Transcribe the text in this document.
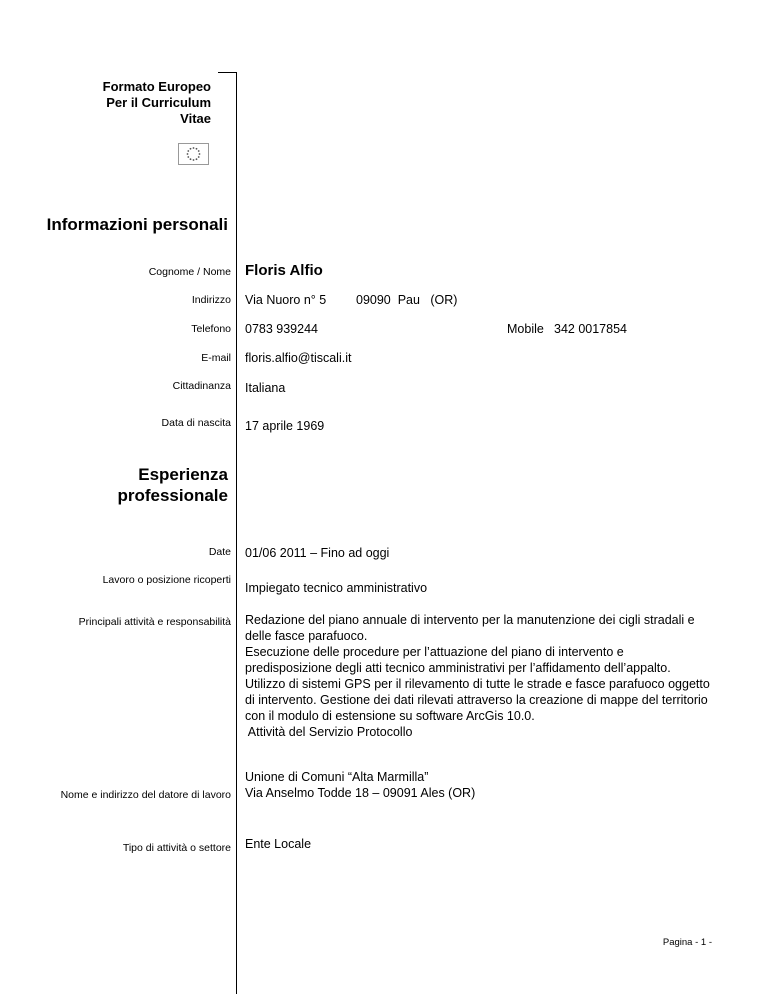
Formato Europeo
Per il Curriculum
Vitae
Informazioni personali
Cognome / Nome Floris Alfio
Indirizzo Via Nuoro n° 5 09090  Pau   (OR)
Telefono 0783 939244	Mobile 342 0017854
E-mail floris.alfio@tiscali.it
Cittadinanza Italiana
Data di nascita 17 aprile 1969
Esperienza
professionale
Date 01/06 2011 – Fino ad oggi
Lavoro o posizione ricoperti
Impiegato tecnico amministrativo
Principali attività e responsabilità Redazione del piano annuale di intervento per la manutenzione dei cigli stradali e
delle fasce parafuoco.
Esecuzione delle procedure per l’attuazione del piano di intervento e
predisposizione degli atti tecnico amministrativi per l’affidamento dell’appalto.
Utilizzo di sistemi GPS per il rilevamento di tutte le strade e fasce parafuoco oggetto
di intervento. Gestione dei dati rilevati attraverso la creazione di mappe del territorio
con il modulo di estensione su software ArcGis 10.0.
Attività del Servizio Protocollo
Nome e indirizzo del datore di lavoro
Unione di Comuni “Alta Marmilla”
Via Anselmo Todde 18 – 09091 Ales (OR)
Tipo di attività o settore Ente Locale
Pagina - 1 -
